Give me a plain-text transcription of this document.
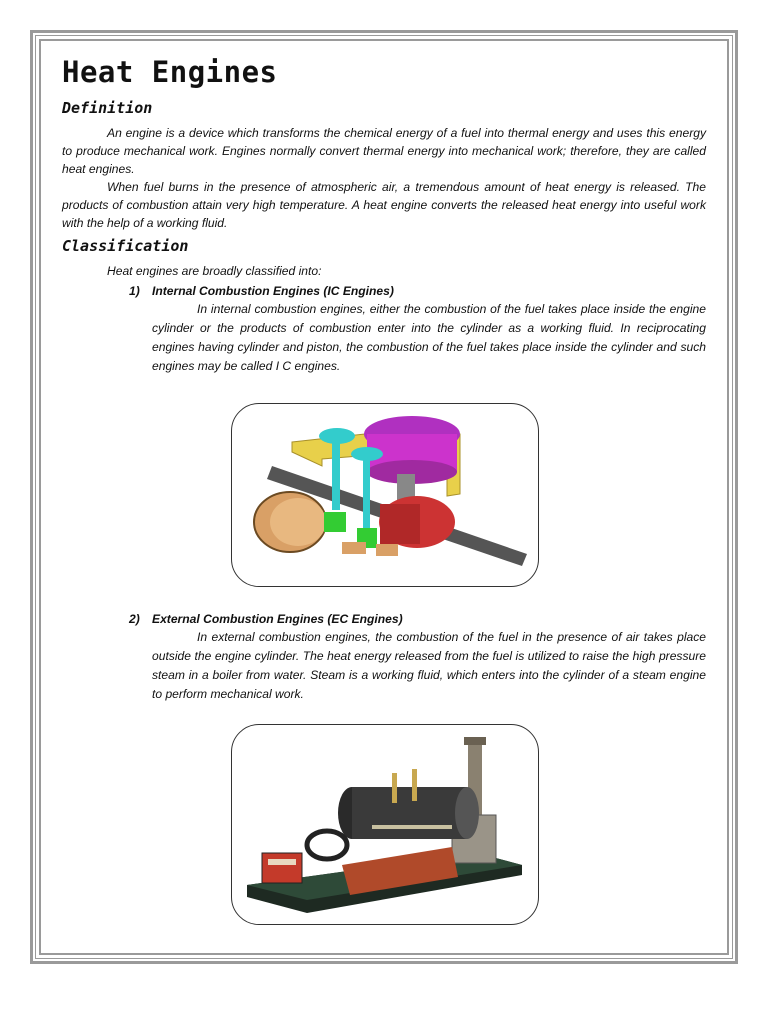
Heat Engines
Definition

An engine is a device which transforms the chemical energy of a fuel into thermal energy and uses this energy to produce mechanical work. Engines normally convert thermal energy into mechanical work; therefore, they are called heat engines.

When fuel burns in the presence of atmospheric air, a tremendous amount of heat energy is released. The products of combustion attain very high temperature. A heat engine converts the released heat energy into useful work with the help of a working fluid.

Classification

Heat engines are broadly classified into:

1) Internal Combustion Engines (IC Engines)

In internal combustion engines, either the combustion of the fuel takes place inside the engine cylinder or the products of combustion enter into the cylinder as a working fluid. In reciprocating engines having cylinder and piston, the combustion of the fuel takes place inside the cylinder and such engines may be called I C engines.

2) External Combustion Engines (EC Engines)

In external combustion engines, the combustion of the fuel in the presence of air takes place outside the engine cylinder. The heat energy released from the fuel is utilized to raise the high pressure steam in a boiler from water. Steam is a working fluid, which enters into the cylinder of a steam engine to perform mechanical work.
